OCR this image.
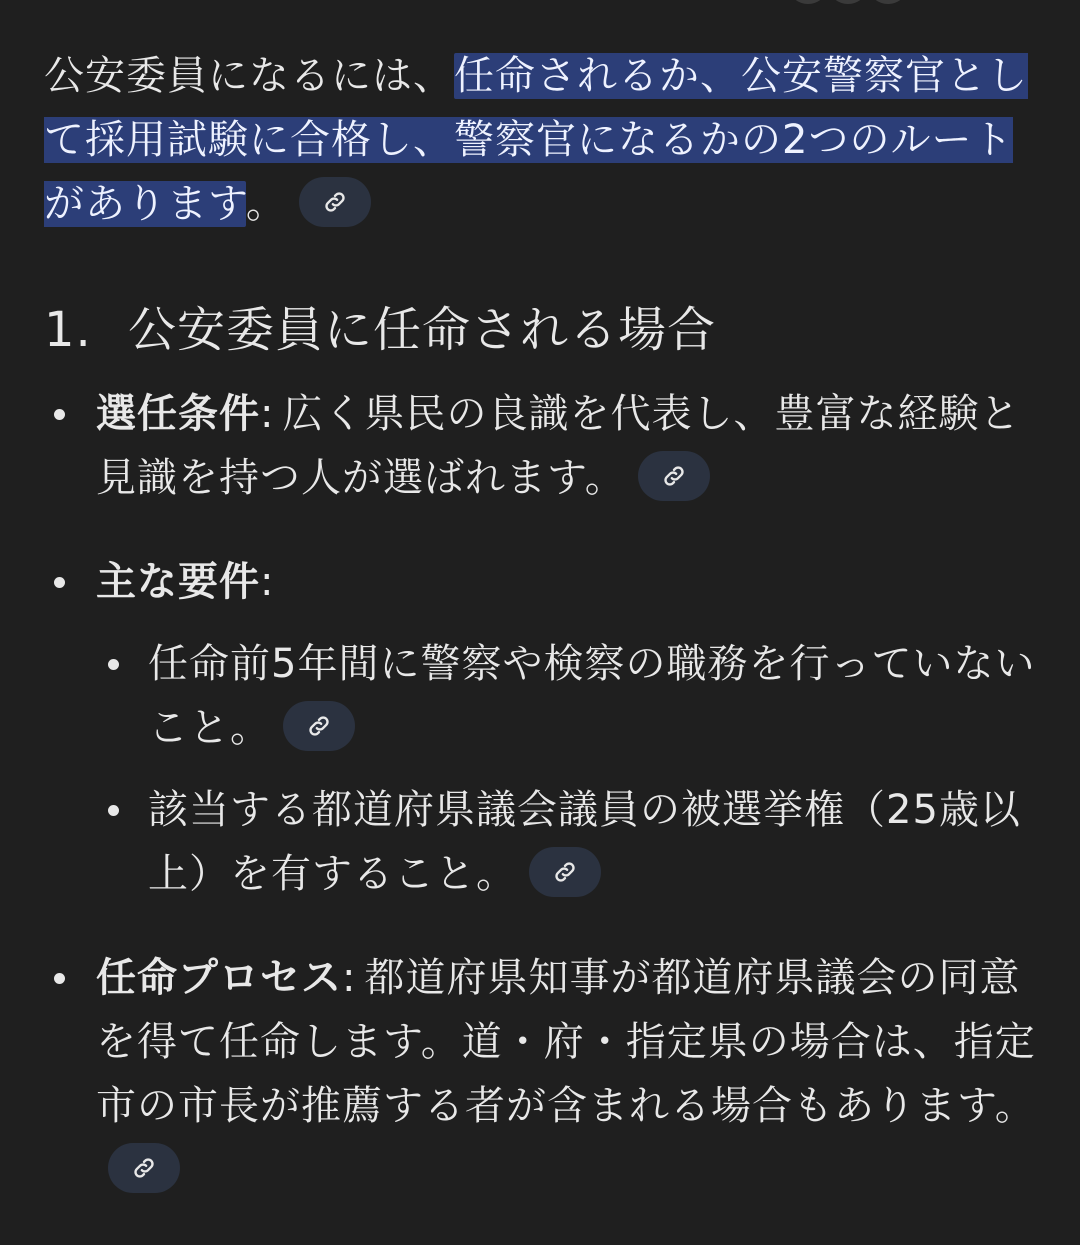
公安委員になるには、任命されるか、公安警察官として採用試験に合格し、警察官になるかの2つのルートがあります。

1. 公安委員に任命される場合
選任条件: 広く県民の良識を代表し、豊富な経験と見識を持つ人が選ばれます。
主な要件:
任命前5年間に警察や検察の職務を行っていないこと。
該当する都道府県議会議員の被選挙権（25歳以上）を有すること。
任命プロセス: 都道府県知事が都道府県議会の同意を得て任命します。道・府・指定県の場合は、指定市の市長が推薦する者が含まれる場合もあります。
